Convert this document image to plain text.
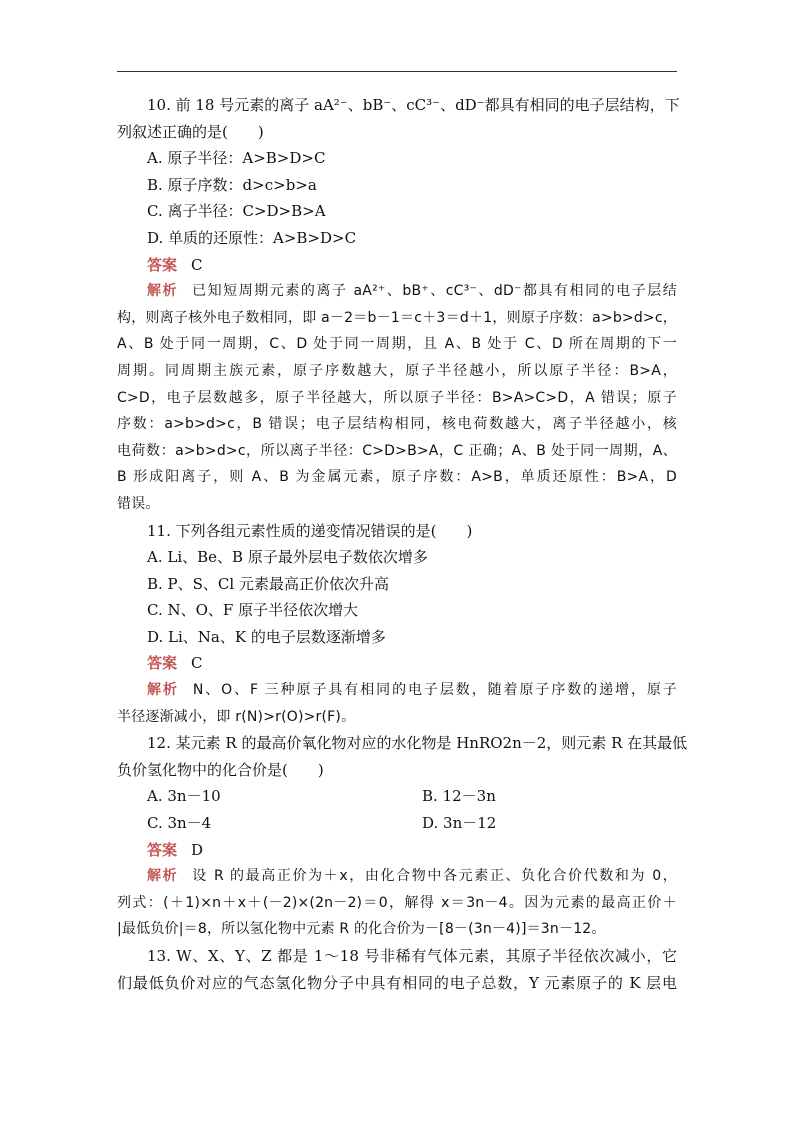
10. 前 18 号元素的离子 aA²⁻、bB⁻、cC³⁻、dD⁻都具有相同的电子层结构，下
列叙述正确的是(　　)
A. 原子半径：A>B>D>C
B. 原子序数：d>c>b>a
C. 离子半径：C>D>B>A
D. 单质的还原性：A>B>D>C
答案 C
解析 已知短周期元素的离子 aA²⁺、bB⁺、cC³⁻、dD⁻都具有相同的电子层结
构，则离子核外电子数相同，即 a－2＝b－1＝c＋3＝d＋1，则原子序数：a>b>d>c，
A、B 处于同一周期，C、D 处于同一周期，且 A、B 处于 C、D 所在周期的下一
周期。同周期主族元素，原子序数越大，原子半径越小，所以原子半径：B>A，
C>D，电子层数越多，原子半径越大，所以原子半径：B>A>C>D，A 错误；原子
序数：a>b>d>c，B 错误；电子层结构相同，核电荷数越大，离子半径越小，核
电荷数：a>b>d>c，所以离子半径：C>D>B>A，C 正确；A、B 处于同一周期，A、
B 形成阳离子，则 A、B 为金属元素，原子序数：A>B，单质还原性：B>A，D
错误。
11. 下列各组元素性质的递变情况错误的是(　　)
A. Li、Be、B 原子最外层电子数依次增多
B. P、S、Cl 元素最高正价依次升高
C. N、O、F 原子半径依次增大
D. Li、Na、K 的电子层数逐渐增多
答案 C
解析 N、O、F 三种原子具有相同的电子层数，随着原子序数的递增，原子
半径逐渐减小，即 r(N)>r(O)>r(F)。
12. 某元素 R 的最高价氧化物对应的水化物是 HnRO2n－2，则元素 R 在其最低
负价氢化物中的化合价是(　　)
A. 3n－10	B. 12－3n
C. 3n－4	D. 3n－12
答案 D
解析 设 R 的最高正价为＋x，由化合物中各元素正、负化合价代数和为 0，
列式：(＋1)×n＋x＋(－2)×(2n－2)＝0，解得 x＝3n－4。因为元素的最高正价＋
|最低负价|＝8，所以氢化物中元素 R 的化合价为－[8－(3n－4)]＝3n－12。
13. W、X、Y、Z 都是 1～18 号非稀有气体元素，其原子半径依次减小，它
们最低负价对应的气态氢化物分子中具有相同的电子总数，Y 元素原子的 K 层电
